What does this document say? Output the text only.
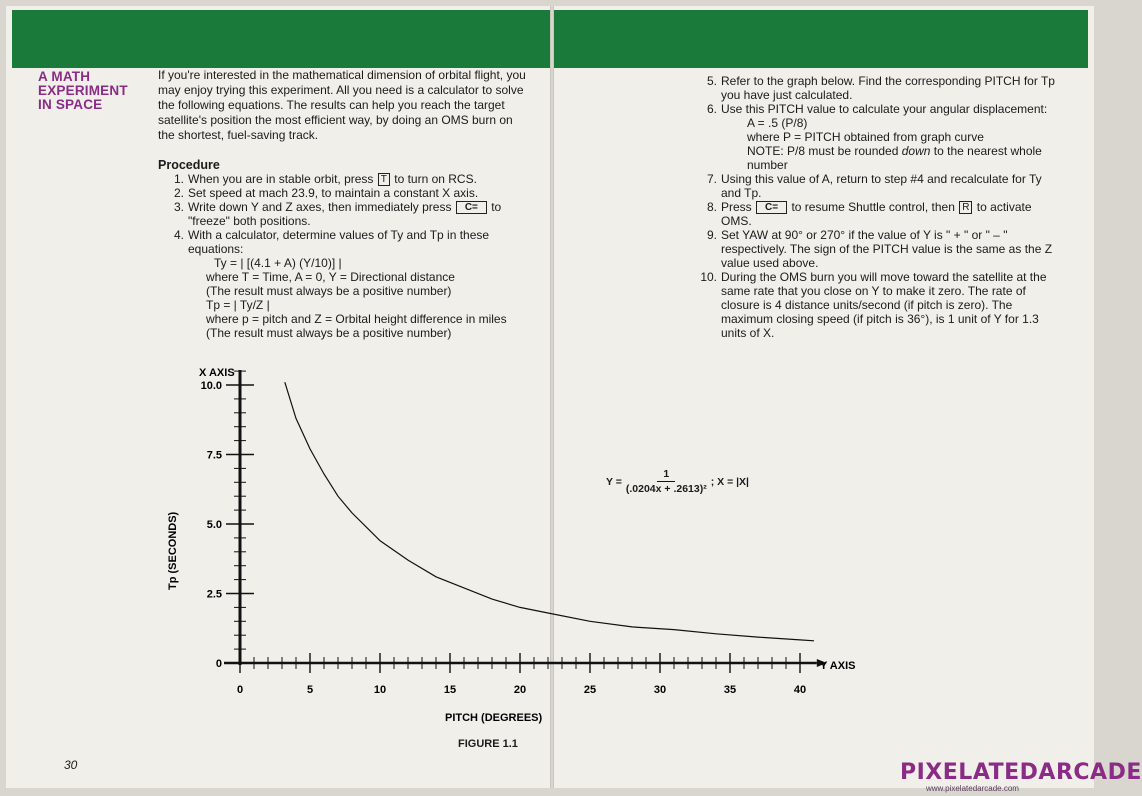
A MATH
EXPERIMENT
IN SPACE
If you're interested in the mathematical dimension of orbital flight, you may enjoy trying this experiment. All you need is a calculator to solve the following equations. The results can help you reach the target satellite's position the most efficient way, by doing an OMS burn on the shortest, fuel-saving track.
Procedure
1. When you are in stable orbit, press T to turn on RCS.
2. Set speed at mach 23.9, to maintain a constant X axis.
3. Write down Y and Z axes, then immediately press C= to "freeze" both positions.
4. With a calculator, determine values of Ty and Tp in these equations:
Ty = | [(4.1 + A) (Y/10)] |
where T = Time, A = 0, Y = Directional distance
(The result must always be a positive number)
Tp = | Ty/Z |
where p = pitch and Z = Orbital height difference in miles (The result must always be a positive number)
5. Refer to the graph below. Find the corresponding PITCH for Tp you have just calculated.
6. Use this PITCH value to calculate your angular displacement:
A = .5 (P/8)
where P = PITCH obtained from graph curve
NOTE: P/8 must be rounded down to the nearest whole number
7. Using this value of A, return to step #4 and recalculate for Ty and Tp.
8. Press C= to resume Shuttle control, then R to activate OMS.
9. Set YAW at 90° or 270° if the value of Y is " + " or " – " respectively. The sign of the PITCH value is the same as the Z value used above.
10. During the OMS burn you will move toward the satellite at the same rate that you close on Y to make it zero. The rate of closure is 4 distance units/second (if pitch is zero). The maximum closing speed (if pitch is 36°), is 1 unit of Y for 1.3 units of X.
0
2.5
5.0
7.5
10.0
0	5	10	15	20	25	30	35	40
X AXIS
Y AXIS
PITCH (DEGREES)
Tp (SECONDS)
$Y = \frac{1}{\text{(.0204x + .2613)²}}$ ; X = |X|
FIGURE 1.1
30	PIXELATEDARCADE
www.pixelatedarcade.com
